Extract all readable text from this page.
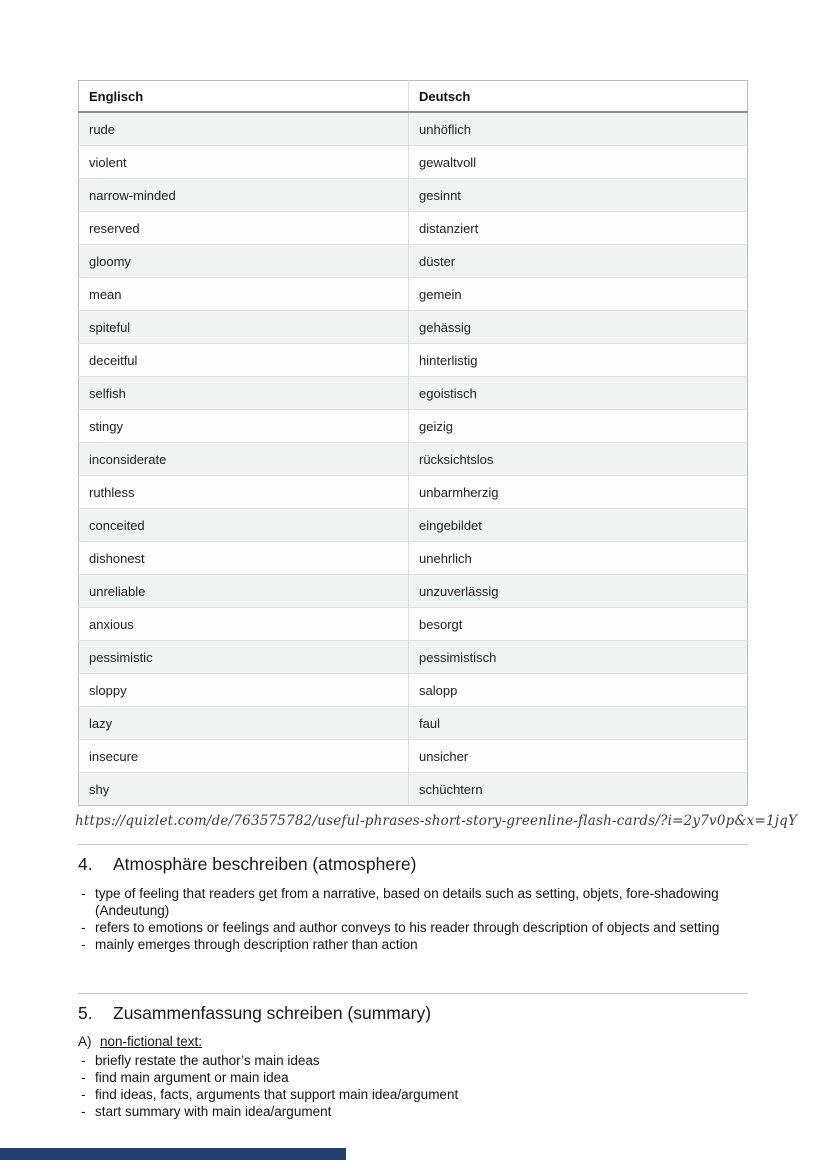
Englisch	Deutsch
rude	unhöflich
violent	gewaltvoll
narrow-minded	gesinnt
reserved	distanziert
gloomy	düster
mean	gemein
spiteful	gehässig
deceitful	hinterlistig
selfish	egoistisch
stingy	geizig
inconsiderate	rücksichtslos
ruthless	unbarmherzig
conceited	eingebildet
dishonest	unehrlich
unreliable	unzuverlässig
anxious	besorgt
pessimistic	pessimistisch
sloppy	salopp
lazy	faul
insecure	unsicher
shy	schüchtern
https://quizlet.com/de/763575782/useful-phrases-short-story-greenline-flash-cards/?i=2y7v0p&x=1jqY
4.	Atmosphäre beschreiben (atmosphere)
- type of feeling that readers get from a narrative, based on details such as setting, objets, fore-shadowing (Andeutung)
- refers to emotions or feelings and author conveys to his reader through description of objects and setting
- mainly emerges through description rather than action
5.	Zusammenfassung schreiben (summary)
A) non-fictional text:
- briefly restate the author’s main ideas
- find main argument or main idea
- find ideas, facts, arguments that support main idea/argument
- start summary with main idea/argument
